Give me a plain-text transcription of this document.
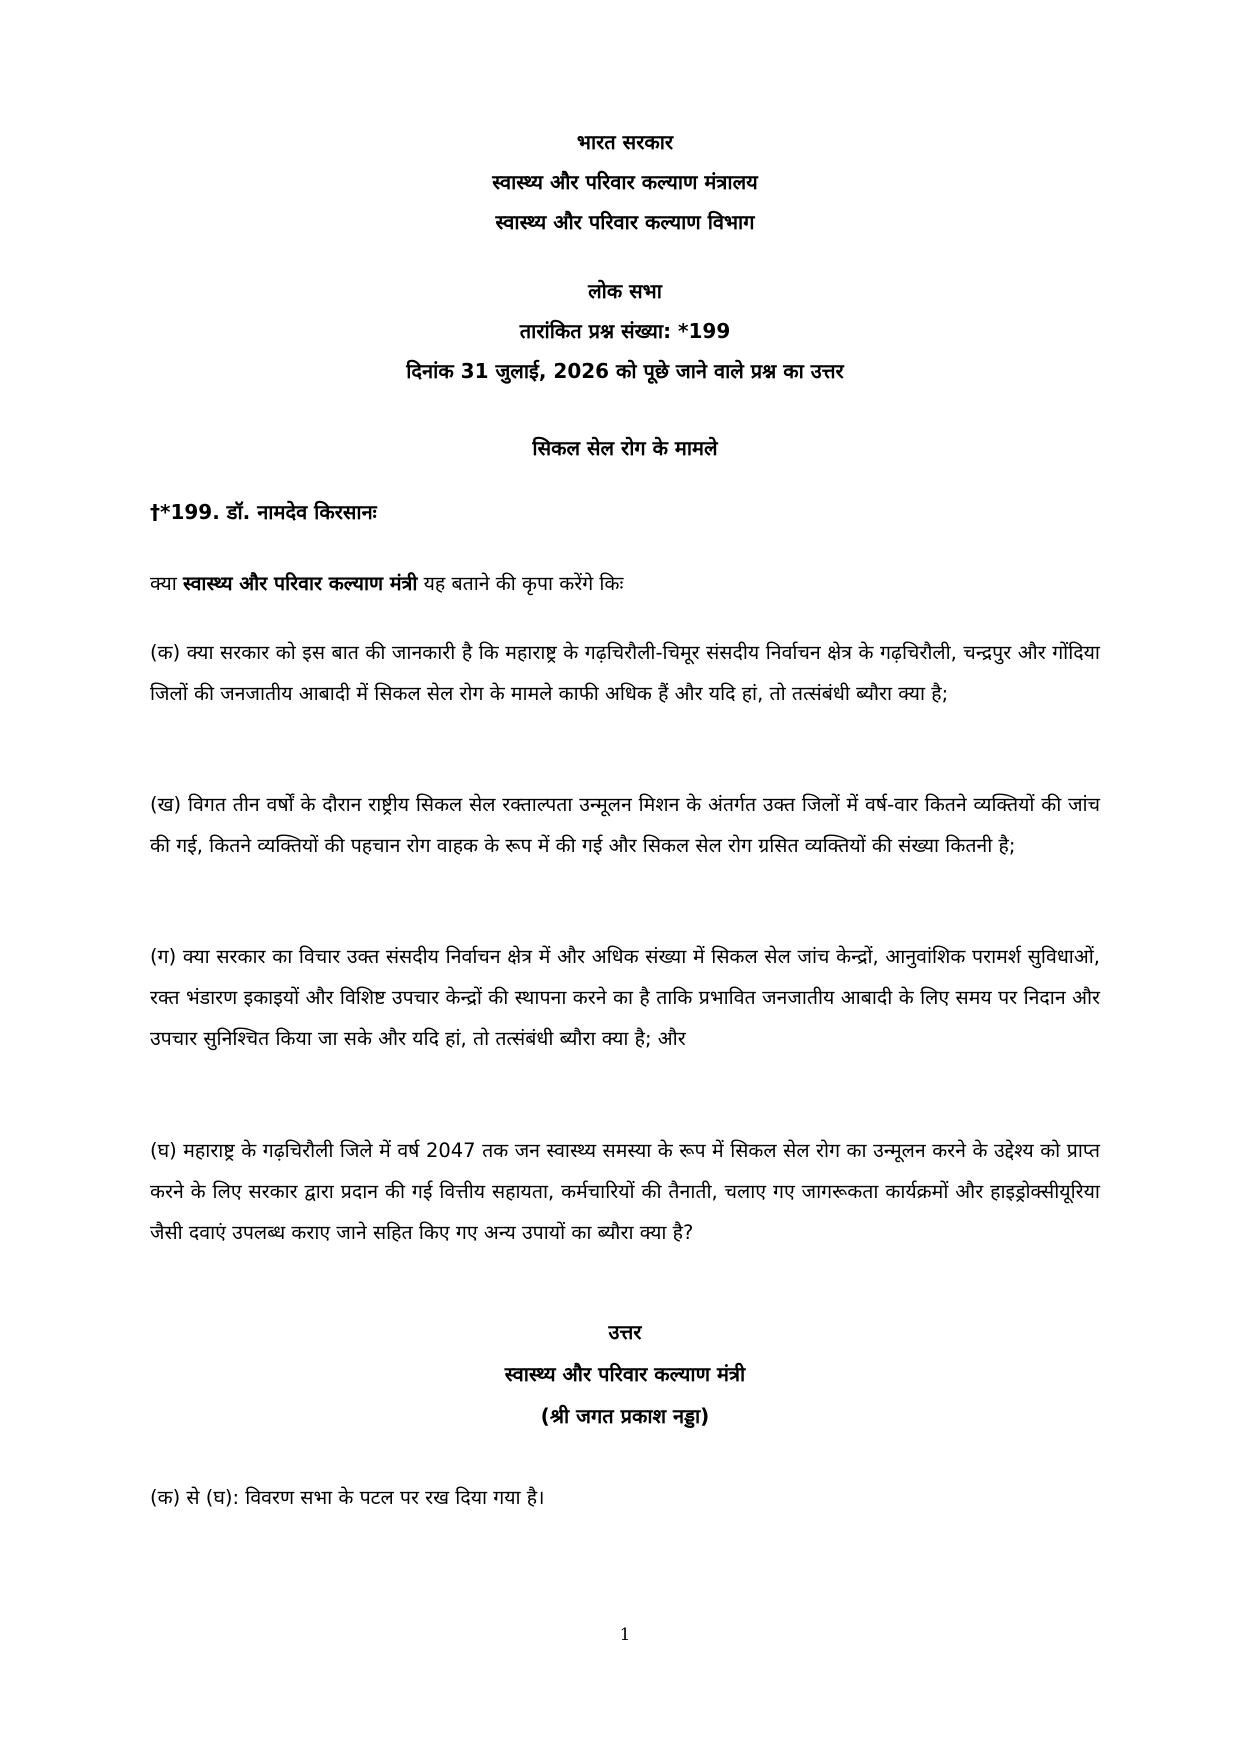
भारत सरकार
स्वास्थ्य और परिवार कल्याण मंत्रालय
स्वास्थ्य और परिवार कल्याण विभाग
लोक सभा
तारांकित प्रश्न संख्या: *199
दिनांक 31 जुलाई, 2026 को पूछे जाने वाले प्रश्न का उत्तर
सिकल सेल रोग के मामले
†*199. डॉ. नामदेव किरसानः
क्या स्वास्थ्य और परिवार कल्याण मंत्री यह बताने की कृपा करेंगे किः
(क) क्या सरकार को इस बात की जानकारी है कि महाराष्ट्र के गढ़चिरौली-चिमूर संसदीय निर्वाचन क्षेत्र के गढ़चिरौली, चन्द्रपुर और गोंदिया जिलों की जनजातीय आबादी में सिकल सेल रोग के मामले काफी अधिक हैं और यदि हां, तो तत्संबंधी ब्यौरा क्या है;
(ख) विगत तीन वर्षों के दौरान राष्ट्रीय सिकल सेल रक्ताल्पता उन्मूलन मिशन के अंतर्गत उक्त जिलों में वर्ष-वार कितने व्यक्तियों की जांच की गई, कितने व्यक्तियों की पहचान रोग वाहक के रूप में की गई और सिकल सेल रोग ग्रसित व्यक्तियों की संख्या कितनी है;
(ग) क्या सरकार का विचार उक्त संसदीय निर्वाचन क्षेत्र में और अधिक संख्या में सिकल सेल जांच केन्द्रों, आनुवांशिक परामर्श सुविधाओं, रक्त भंडारण इकाइयों और विशिष्ट उपचार केन्द्रों की स्थापना करने का है ताकि प्रभावित जनजातीय आबादी के लिए समय पर निदान और उपचार सुनिश्चित किया जा सके और यदि हां, तो तत्संबंधी ब्यौरा क्या है; और
(घ) महाराष्ट्र के गढ़चिरौली जिले में वर्ष 2047 तक जन स्वास्थ्य समस्या के रूप में सिकल सेल रोग का उन्मूलन करने के उद्देश्य को प्राप्त करने के लिए सरकार द्वारा प्रदान की गई वित्तीय सहायता, कर्मचारियों की तैनाती, चलाए गए जागरूकता कार्यक्रमों और हाइड्रोक्सीयूरिया जैसी दवाएं उपलब्ध कराए जाने सहित किए गए अन्य उपायों का ब्यौरा क्या है?
उत्तर
स्वास्थ्य और परिवार कल्याण मंत्री
(श्री जगत प्रकाश नड्डा)
(क) से (घ): विवरण सभा के पटल पर रख दिया गया है।
1
